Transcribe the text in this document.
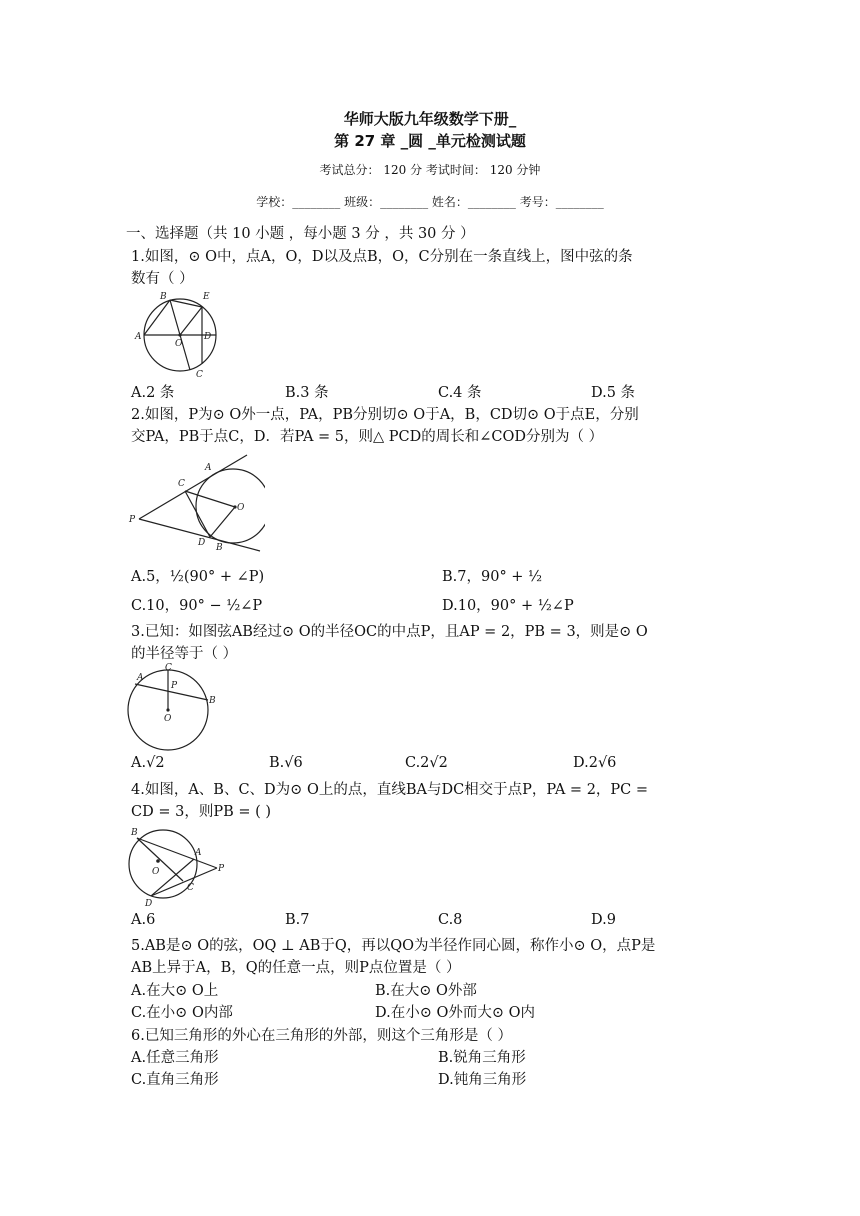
华师大版九年级数学下册_
第 27 章 _圆 _单元检测试题
考试总分： 120 分 考试时间： 120 分钟
学校：________ 班级：________ 姓名：________ 考号：________
一、选择题（共 10 小题 ，每小题 3 分 ，共 30 分 ）
1.如图，⊙ O中，点A，O，D以及点B，O，C分别在一条直线上，图中弦的条
数有（ ）
B	E
A
O
D
C
A.2 条	B.3 条	C.4 条	D.5 条
2.如图，P为⊙ O外一点，PA，PB分别切⊙ O于A，B，CD切⊙ O于点E，分别
交PA，PB于点C，D．若PA = 5，则△ PCD的周长和∠COD分别为（ ）
A
C
O
P
D B
A.5，½(90° + ∠P)	B.7，90° + ½
C.10，90° − ½∠P	D.10，90° + ½∠P
3.已知：如图弦AB经过⊙ O的半径OC的中点P，且AP = 2，PB = 3，则是⊙ O
的半径等于（ ）
C
A
P
B
O
A.√2	B.√6	C.2√2	D.2√6
4.如图，A、B、C、D为⊙ O上的点，直线BA与DC相交于点P，PA = 2，PC =
CD = 3，则PB = ( )
B
A
P
O
C
D
A.6	B.7	C.8	D.9
5.AB是⊙ O的弦，OQ ⊥ AB于Q，再以QO为半径作同心圆，称作小⊙ O，点P是
AB上异于A，B，Q的任意一点，则P点位置是（ ）
A.在大⊙ O上	B.在大⊙ O外部
C.在小⊙ O内部	D.在小⊙ O外而大⊙ O内
6.已知三角形的外心在三角形的外部，则这个三角形是（ ）
A.任意三角形	B.锐角三角形
C.直角三角形	D.钝角三角形
